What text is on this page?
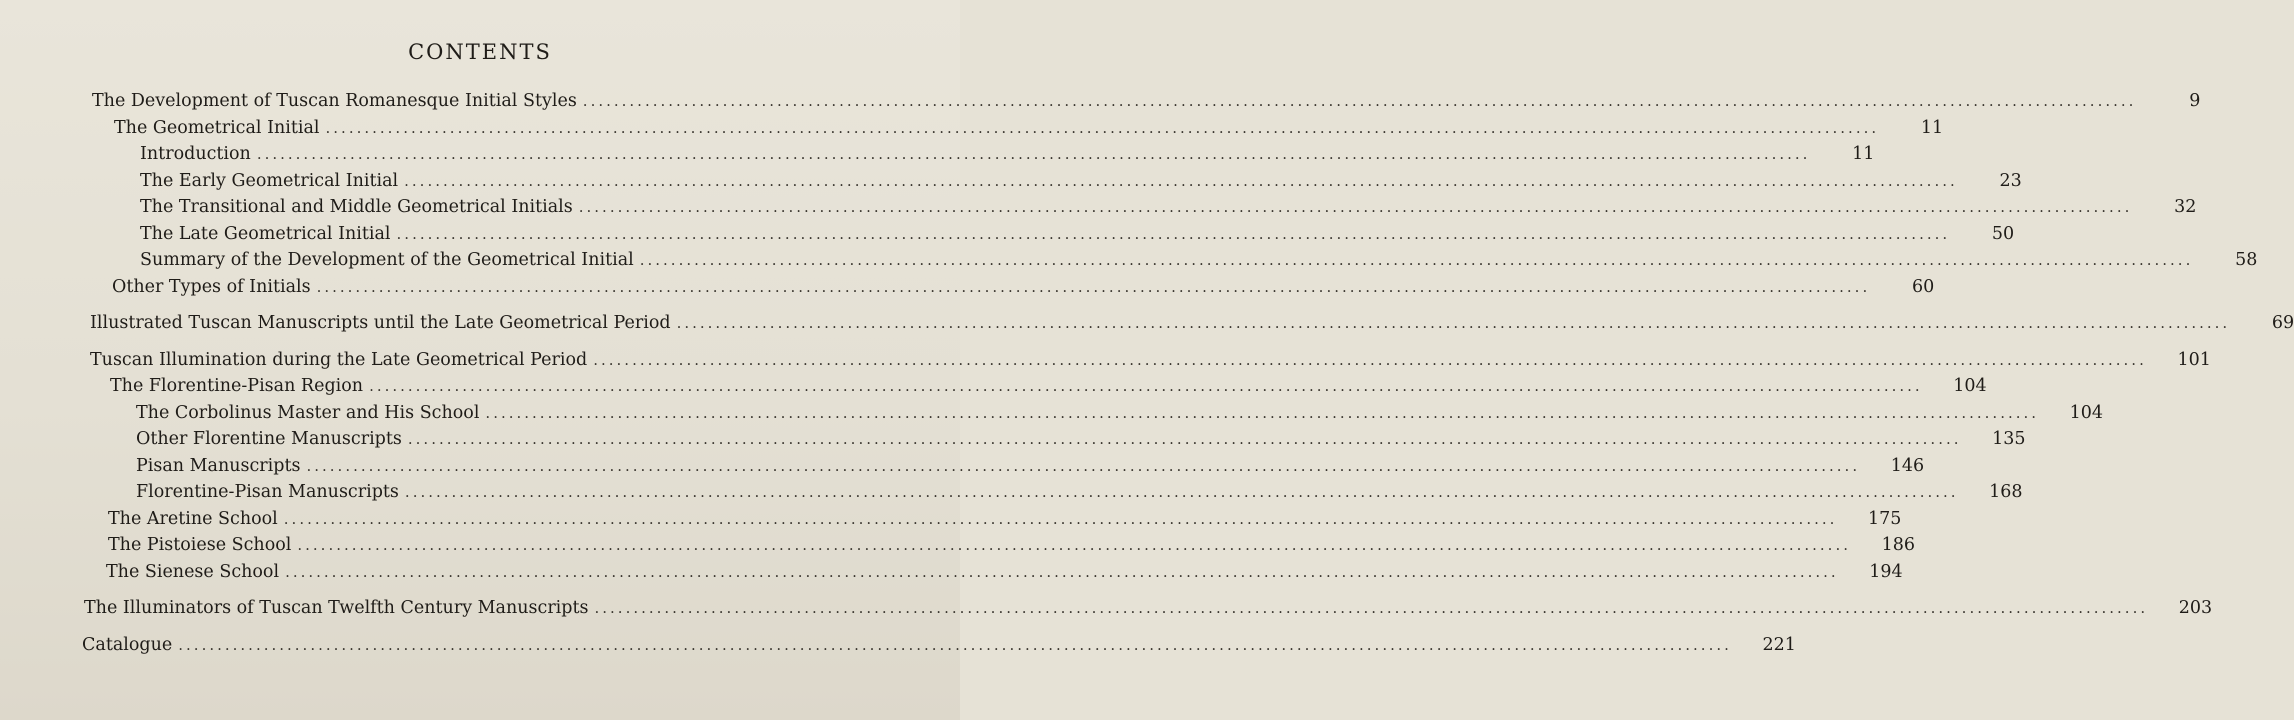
CONTENTS
The Development of Tuscan Romanesque Initial Styles ........................................................................................................................................................................................................	9
The Geometrical Initial ........................................................................................................................................................................................................	11
Introduction ........................................................................................................................................................................................................	11
The Early Geometrical Initial ........................................................................................................................................................................................................	23
The Transitional and Middle Geometrical Initials ........................................................................................................................................................................................................	32
The Late Geometrical Initial ........................................................................................................................................................................................................	50
Summary of the Development of the Geometrical Initial ........................................................................................................................................................................................................	58
Other Types of Initials ........................................................................................................................................................................................................	60
Illustrated Tuscan Manuscripts until the Late Geometrical Period ........................................................................................................................................................................................................	69
Tuscan Illumination during the Late Geometrical Period ........................................................................................................................................................................................................	101
The Florentine-Pisan Region ........................................................................................................................................................................................................	104
The Corbolinus Master and His School ........................................................................................................................................................................................................	104
Other Florentine Manuscripts ........................................................................................................................................................................................................	135
Pisan Manuscripts ........................................................................................................................................................................................................	146
Florentine-Pisan Manuscripts ........................................................................................................................................................................................................	168
The Aretine School ........................................................................................................................................................................................................	175
The Pistoiese School ........................................................................................................................................................................................................	186
The Sienese School ........................................................................................................................................................................................................	194
The Illuminators of Tuscan Twelfth Century Manuscripts ........................................................................................................................................................................................................	203
Catalogue ........................................................................................................................................................................................................	221
